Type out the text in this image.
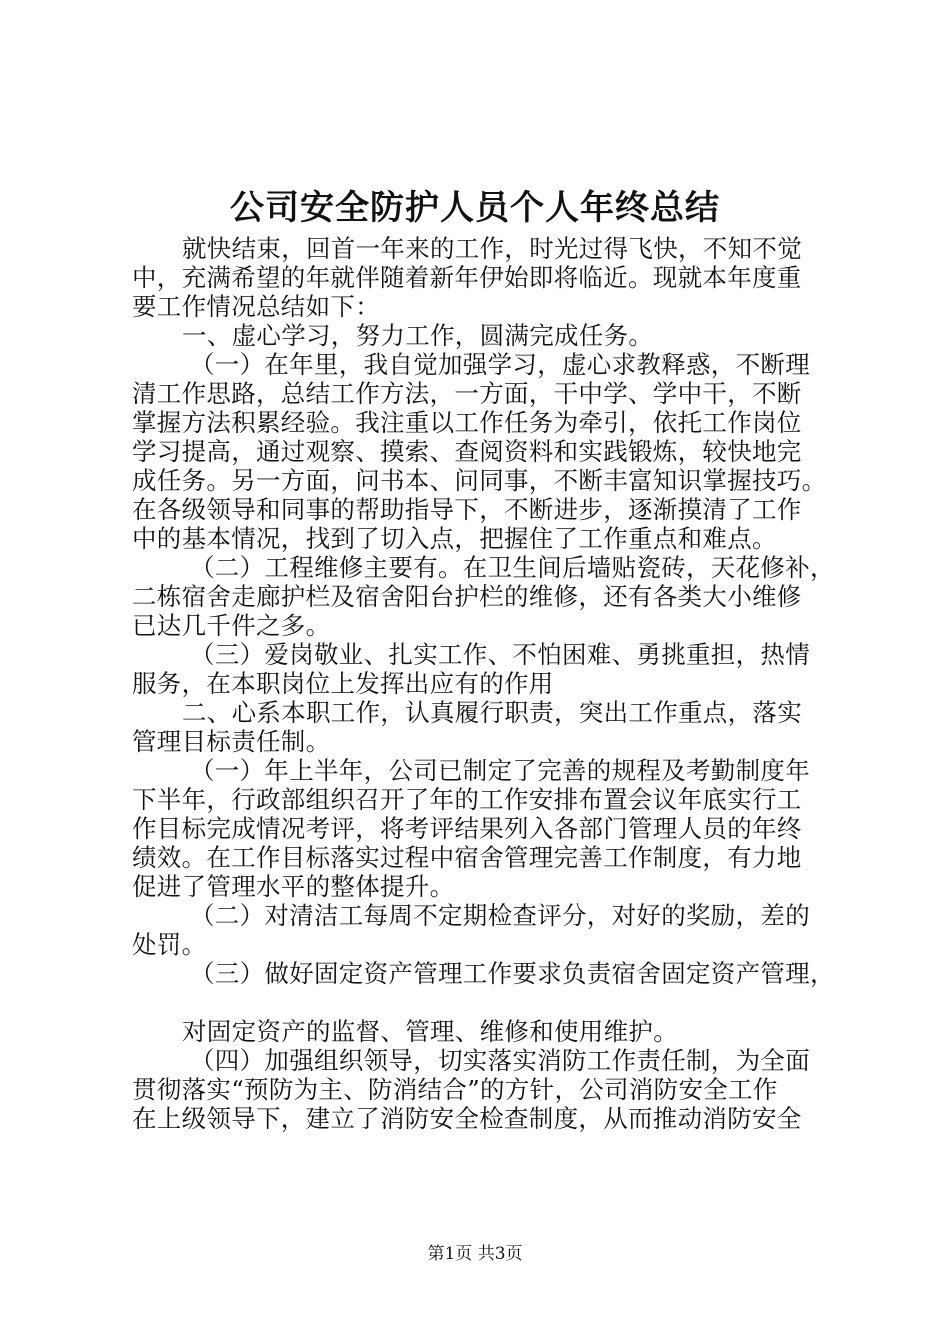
公司安全防护人员个人年终总结
就快结束，回首一年来的工作，时光过得飞快，不知不觉
中，充满希望的年就伴随着新年伊始即将临近。现就本年度重
要工作情况总结如下：
一、虚心学习，努力工作，圆满完成任务。
（一）在年里，我自觉加强学习，虚心求教释惑，不断理
清工作思路，总结工作方法，一方面，干中学、学中干，不断
掌握方法积累经验。我注重以工作任务为牵引，依托工作岗位
学习提高，通过观察、摸索、查阅资料和实践锻炼，较快地完
成任务。另一方面，问书本、问同事，不断丰富知识掌握技巧。
在各级领导和同事的帮助指导下，不断进步，逐渐摸清了工作
中的基本情况，找到了切入点，把握住了工作重点和难点。
（二）工程维修主要有。在卫生间后墙贴瓷砖，天花修补，
二栋宿舍走廊护栏及宿舍阳台护栏的维修，还有各类大小维修
已达几千件之多。
（三）爱岗敬业、扎实工作、不怕困难、勇挑重担，热情
服务，在本职岗位上发挥出应有的作用
二、心系本职工作，认真履行职责，突出工作重点，落实
管理目标责任制。
（一）年上半年，公司已制定了完善的规程及考勤制度年
下半年，行政部组织召开了年的工作安排布置会议年底实行工
作目标完成情况考评，将考评结果列入各部门管理人员的年终
绩效。在工作目标落实过程中宿舍管理完善工作制度，有力地
促进了管理水平的整体提升。
（二）对清洁工每周不定期检查评分，对好的奖励，差的
处罚。
（三）做好固定资产管理工作要求负责宿舍固定资产管理，
对固定资产的监督、管理、维修和使用维护。
（四）加强组织领导，切实落实消防工作责任制，为全面
贯彻落实“预防为主、防消结合”的方针，公司消防安全工作
在上级领导下，建立了消防安全检查制度，从而推动消防安全
第1页 共3页
